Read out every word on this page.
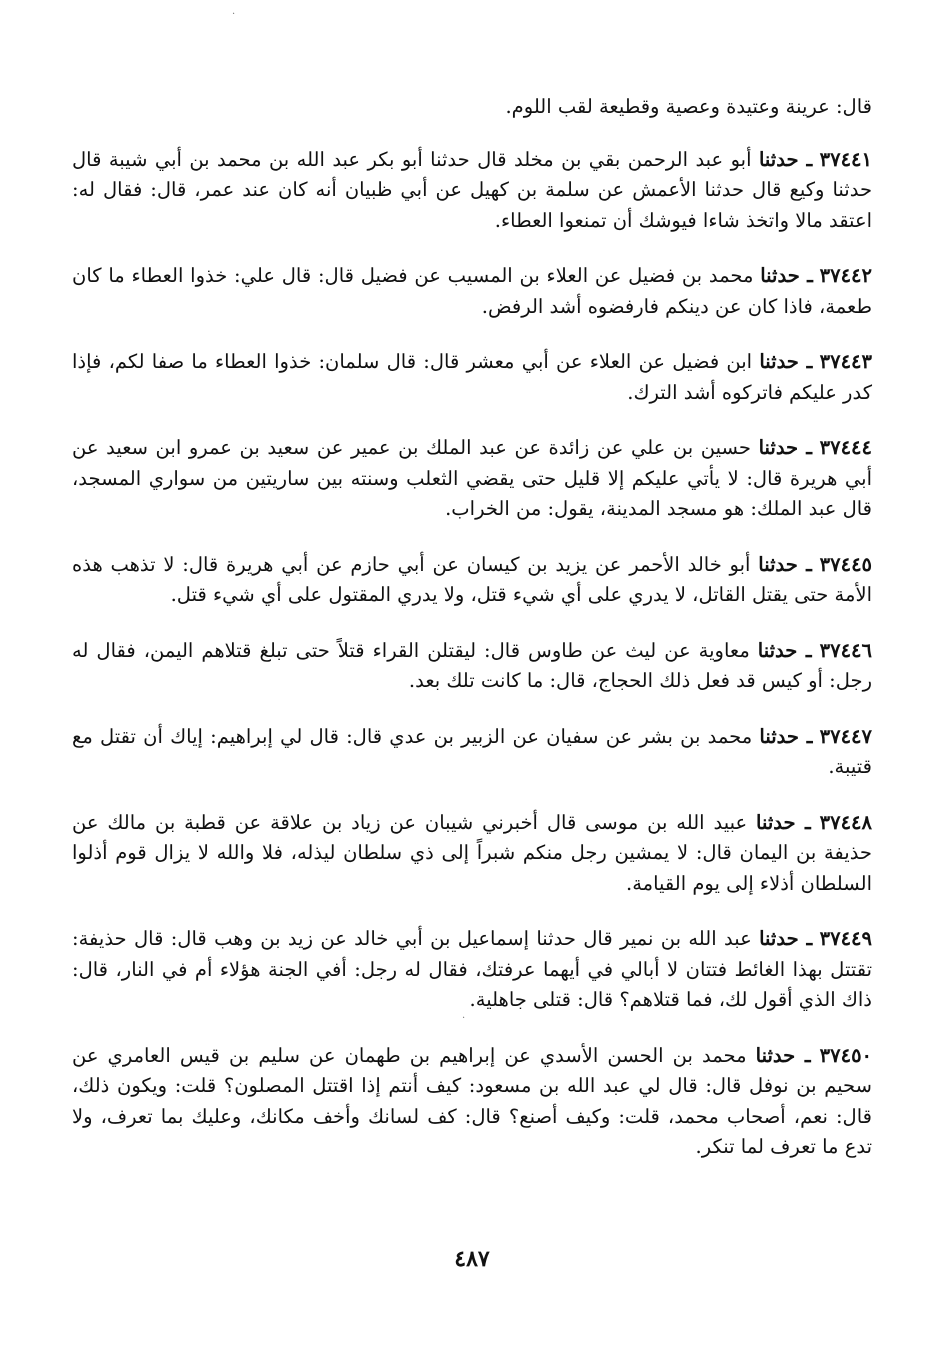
.
.

قال: عرينة وعتيدة وعصية وقطيعة لقب اللوم.

٣٧٤٤١ ـ حدثنا أبو عبد الرحمن بقي بن مخلد قال حدثنا أبو بكر عبد الله بن محمد بن أبي شيبة قال حدثنا وكيع قال حدثنا الأعمش عن سلمة بن كهيل عن أبي ظبيان أنه كان عند عمر، قال: فقال له: اعتقد مالا واتخذ شاءا فيوشك أن تمنعوا العطاء.

٣٧٤٤٢ ـ حدثنا محمد بن فضيل عن العلاء بن المسيب عن فضيل قال: قال علي: خذوا العطاء ما كان طعمة، فاذا كان عن دينكم فارفضوه أشد الرفض.

٣٧٤٤٣ ـ حدثنا ابن فضيل عن العلاء عن أبي معشر قال: قال سلمان: خذوا العطاء ما صفا لكم، فإذا كدر عليكم فاتركوه أشد الترك.

٣٧٤٤٤ ـ حدثنا حسين بن علي عن زائدة عن عبد الملك بن عمير عن سعيد بن عمرو ابن سعيد عن أبي هريرة قال: لا يأتي عليكم إلا قليل حتى يقضي الثعلب وسنته بين ساريتين من سواري المسجد، قال عبد الملك: هو مسجد المدينة، يقول: من الخراب.

٣٧٤٤٥ ـ حدثنا أبو خالد الأحمر عن يزيد بن كيسان عن أبي حازم عن أبي هريرة قال: لا تذهب هذه الأمة حتى يقتل القاتل، لا يدري على أي شيء قتل، ولا يدري المقتول على أي شيء قتل.

٣٧٤٤٦ ـ حدثنا معاوية عن ليث عن طاوس قال: ليقتلن القراء قتلاً حتى تبلغ قتلاهم اليمن، فقال له رجل: أو كيس قد فعل ذلك الحجاج، قال: ما كانت تلك بعد.

٣٧٤٤٧ ـ حدثنا محمد بن بشر عن سفيان عن الزبير بن عدي قال: قال لي إبراهيم: إياك أن تقتل مع قتيبة.

٣٧٤٤٨ ـ حدثنا عبيد الله بن موسى قال أخبرني شيبان عن زياد بن علاقة عن قطبة بن مالك عن حذيفة بن اليمان قال: لا يمشين رجل منكم شبراً إلى ذي سلطان ليذله، فلا والله لا يزال قوم أذلوا السلطان أذلاء إلى يوم القيامة.

٣٧٤٤٩ ـ حدثنا عبد الله بن نمير قال حدثنا إسماعيل بن أبي خالد عن زيد بن وهب قال: قال حذيفة: تقتتل بهذا الغائط فتتان لا أبالي في أيهما عرفتك، فقال له رجل: أفي الجنة هؤلاء أم في النار، قال: ذاك الذي أقول لك، فما قتلاهم؟ قال: قتلى جاهلية.

٣٧٤٥٠ ـ حدثنا محمد بن الحسن الأسدي عن إبراهيم بن طهمان عن سليم بن قيس العامري عن سحيم بن نوفل قال: قال لي عبد الله بن مسعود: كيف أنتم إذا اقتتل المصلون؟ قلت: ويكون ذلك، قال: نعم، أصحاب محمد، قلت: وكيف أصنع؟ قال: كف لسانك وأخف مكانك، وعليك بما تعرف، ولا تدع ما تعرف لما تنكر.

٤٨٧
